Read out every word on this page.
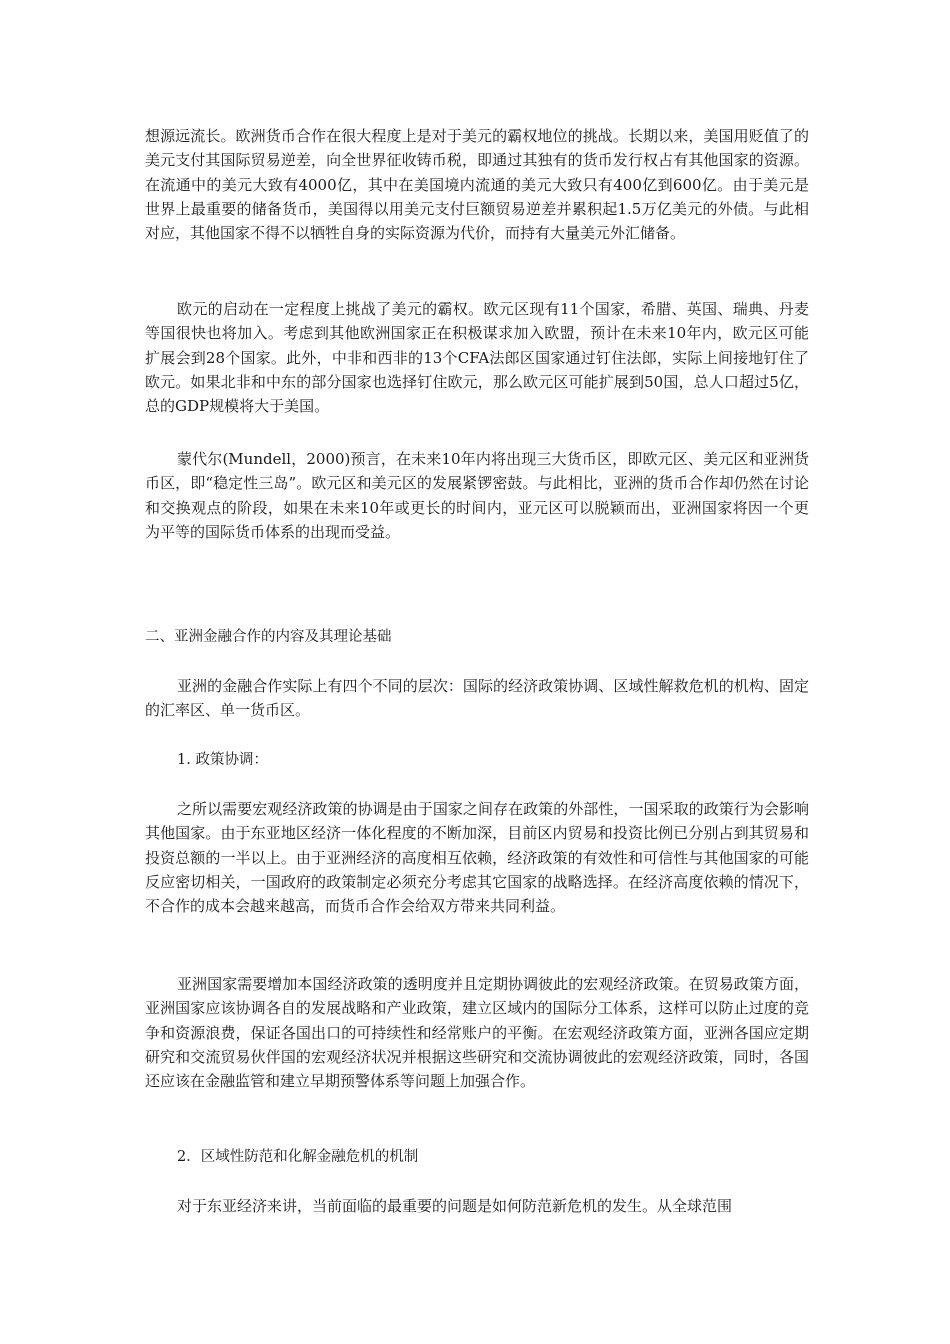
想源远流长。欧洲货币合作在很大程度上是对于美元的霸权地位的挑战。长期以来，美国用贬值了的美元支付其国际贸易逆差，向全世界征收铸币税，即通过其独有的货币发行权占有其他国家的资源。在流通中的美元大致有4000亿，其中在美国境内流通的美元大致只有400亿到600亿。由于美元是世界上最重要的储备货币，美国得以用美元支付巨额贸易逆差并累积起1.5万亿美元的外债。与此相对应，其他国家不得不以牺牲自身的实际资源为代价，而持有大量美元外汇储备。

欧元的启动在一定程度上挑战了美元的霸权。欧元区现有11个国家，希腊、英国、瑞典、丹麦等国很快也将加入。考虑到其他欧洲国家正在积极谋求加入欧盟，预计在未来10年内，欧元区可能扩展会到28个国家。此外，中非和西非的13个CFA法郎区国家通过钉住法郎，实际上间接地钉住了欧元。如果北非和中东的部分国家也选择钉住欧元，那么欧元区可能扩展到50国，总人口超过5亿，总的GDP规模将大于美国。

蒙代尔(Mundell，2000)预言，在未来10年内将出现三大货币区，即欧元区、美元区和亚洲货币区，即“稳定性三岛”。欧元区和美元区的发展紧锣密鼓。与此相比，亚洲的货币合作却仍然在讨论和交换观点的阶段，如果在未来10年或更长的时间内，亚元区可以脱颖而出，亚洲国家将因一个更为平等的国际货币体系的出现而受益。

二、亚洲金融合作的内容及其理论基础

亚洲的金融合作实际上有四个不同的层次：国际的经济政策协调、区域性解救危机的机构、固定的汇率区、单一货币区。

1. 政策协调：

之所以需要宏观经济政策的协调是由于国家之间存在政策的外部性，一国采取的政策行为会影响其他国家。由于东亚地区经济一体化程度的不断加深，目前区内贸易和投资比例已分别占到其贸易和投资总额的一半以上。由于亚洲经济的高度相互依赖，经济政策的有效性和可信性与其他国家的可能反应密切相关，一国政府的政策制定必须充分考虑其它国家的战略选择。在经济高度依赖的情况下，不合作的成本会越来越高，而货币合作会给双方带来共同利益。

亚洲国家需要增加本国经济政策的透明度并且定期协调彼此的宏观经济政策。在贸易政策方面，亚洲国家应该协调各自的发展战略和产业政策，建立区域内的国际分工体系，这样可以防止过度的竞争和资源浪费，保证各国出口的可持续性和经常账户的平衡。在宏观经济政策方面，亚洲各国应定期研究和交流贸易伙伴国的宏观经济状况并根据这些研究和交流协调彼此的宏观经济政策，同时，各国还应该在金融监管和建立早期预警体系等问题上加强合作。

2．区域性防范和化解金融危机的机制

对于东亚经济来讲，当前面临的最重要的问题是如何防范新危机的发生。从全球范围
